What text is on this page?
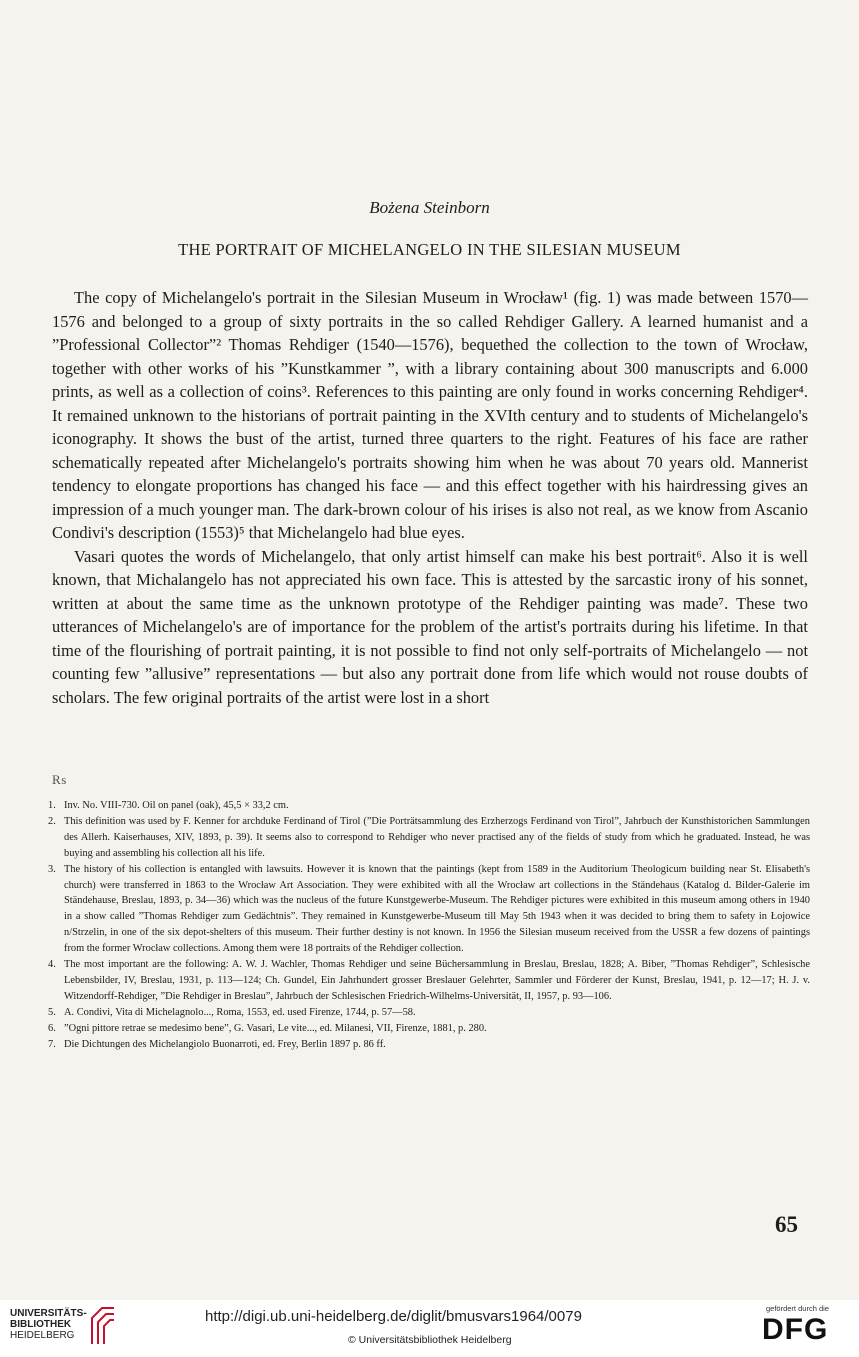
Bożena Steinborn
THE PORTRAIT OF MICHELANGELO IN THE SILESIAN MUSEUM

The copy of Michelangelo's portrait in the Silesian Museum in Wrocław¹ (fig. 1) was made between 1570—1576 and belonged to a group of sixty portraits in the so called Rehdiger Gallery. A learned humanist and a ”Professional Collector”² Thomas Rehdiger (1540—1576), bequethed the collection to the town of Wrocław, together with other works of his ”Kunstkammer ”, with a library containing about 300 manuscripts and 6.000 prints, as well as a collection of coins³. References to this painting are only found in works concerning Rehdiger⁴. It remained unknown to the historians of portrait painting in the XVIth century and to students of Michelangelo's iconography. It shows the bust of the artist, turned three quarters to the right. Features of his face are rather schematically repeated after Michelangelo's portraits showing him when he was about 70 years old. Mannerist tendency to elongate proportions has changed his face — and this effect together with his hairdressing gives an impression of a much younger man. The dark-brown colour of his irises is also not real, as we know from Ascanio Condivi's description (1553)⁵ that Michelangelo had blue eyes.

Vasari quotes the words of Michelangelo, that only artist himself can make his best portrait⁶. Also it is well known, that Michalangelo has not appreciated his own face. This is attested by the sarcastic irony of his sonnet, written at about the same time as the unknown prototype of the Rehdiger painting was made⁷. These two utterances of Michelangelo's are of importance for the problem of the artist's portraits during his lifetime. In that time of the flourishing of portrait painting, it is not possible to find not only self-portraits of Michelangelo — not counting few ”allusive” representations — but also any portrait done from life which would not rouse doubts of scholars. The few original portraits of the artist were lost in a short

₨
1. Inv. No. VIII-730. Oil on panel (oak), 45,5 × 33,2 cm.
2. This definition was used by F. Kenner for archduke Ferdinand of Tirol (”Die Porträtsammlung des Erzherzogs Ferdinand von Tirol”, Jahrbuch der Kunsthistorichen Sammlungen des Allerh. Kaiserhauses, XIV, 1893, p. 39). It seems also to correspond to Rehdiger who never practised any of the fields of study from which he graduated. Instead, he was buying and assembling his collection all his life.
3. The history of his collection is entangled with lawsuits. However it is known that the paintings (kept from 1589 in the Auditorium Theologicum building near St. Elisabeth's church) were transferred in 1863 to the Wrocław Art Association. They were exhibited with all the Wrocław art collections in the Ständehaus (Katalog d. Bilder-Galerie im Ständehause, Breslau, 1893, p. 34—36) which was the nucleus of the future Kunstgewerbe-Museum. The Rehdiger pictures were exhibited in this museum among others in 1940 in a show called ”Thomas Rehdiger zum Gedächtnis”. They remained in Kunstgewerbe-Museum till May 5th 1943 when it was decided to bring them to safety in Łojowice n/Strzelin, in one of the six depot-shelters of this museum. Their further destiny is not known. In 1956 the Silesian museum received from the USSR a few dozens of paintings from the former Wrocław collections. Among them were 18 portraits of the Rehdiger collection.
4. The most important are the following: A. W. J. Wachler, Thomas Rehdiger und seine Büchersammlung in Breslau, Breslau, 1828; A. Biber, ”Thomas Rehdiger”, Schlesische Lebensbilder, IV, Breslau, 1931, p. 113—124; Ch. Gundel, Ein Jahrhundert grosser Breslauer Gelehrter, Sammler und Förderer der Kunst, Breslau, 1941, p. 12—17; H. J. v. Witzendorff-Rehdiger, ”Die Rehdiger in Breslau”, Jahrbuch der Schlesischen Friedrich-Wilhelms-Universität, II, 1957, p. 93—106.
5. A. Condivi, Vita di Michelagnolo..., Roma, 1553, ed. used Firenze, 1744, p. 57—58.
6. ”Ogni pittore retrae se medesimo bene”, G. Vasari, Le vite..., ed. Milanesi, VII, Firenze, 1881, p. 280.
7. Die Dichtungen des Michelangiolo Buonarroti, ed. Frey, Berlin 1897 p. 86 ff.
65
UNIVERSITÄTS-
BIBLIOTHEK
HEIDELBERG
http://digi.ub.uni-heidelberg.de/diglit/bmusvars1964/0079
© Universitätsbibliothek Heidelberg
gefördert durch die
DFG
